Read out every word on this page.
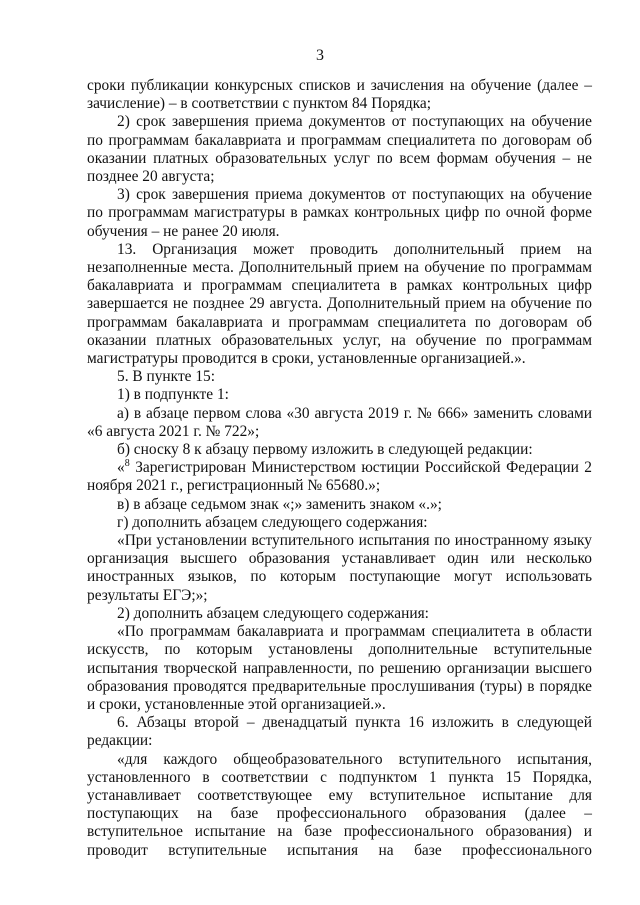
3

сроки публикации конкурсных списков и зачисления на обучение (далее – зачисление) – в соответствии с пунктом 84 Порядка;

2) срок завершения приема документов от поступающих на обучение по программам бакалавриата и программам специалитета по договорам об оказании платных образовательных услуг по всем формам обучения – не позднее 20 августа;

3) срок завершения приема документов от поступающих на обучение по программам магистратуры в рамках контрольных цифр по очной форме обучения – не ранее 20 июля.

13. Организация может проводить дополнительный прием на незаполненные места. Дополнительный прием на обучение по программам бакалавриата и программам специалитета в рамках контрольных цифр завершается не позднее 29 августа. Дополнительный прием на обучение по программам бакалавриата и программам специалитета по договорам об оказании платных образовательных услуг, на обучение по программам магистратуры проводится в сроки, установленные организацией.».

5. В пункте 15:

1) в подпункте 1:

а) в абзаце первом слова «30 августа 2019 г. № 666» заменить словами «6 августа 2021 г. № 722»;

б) сноску 8 к абзацу первому изложить в следующей редакции:

«$^8$ Зарегистрирован Министерством юстиции Российской Федерации 2 ноября 2021 г., регистрационный № 65680.»;

в) в абзаце седьмом знак «;» заменить знаком «.»;

г) дополнить абзацем следующего содержания:

«При установлении вступительного испытания по иностранному языку организация высшего образования устанавливает один или несколько иностранных языков, по которым поступающие могут использовать результаты ЕГЭ;»;

2) дополнить абзацем следующего содержания:

«По программам бакалавриата и программам специалитета в области искусств, по которым установлены дополнительные вступительные испытания творческой направленности, по решению организации высшего образования проводятся предварительные прослушивания (туры) в порядке и сроки, установленные этой организацией.».

6. Абзацы второй – двенадцатый пункта 16 изложить в следующей редакции:

«для каждого общеобразовательного вступительного испытания, установленного в соответствии с подпунктом 1 пункта 15 Порядка, устанавливает соответствующее ему вступительное испытание для поступающих на базе профессионального образования (далее – вступительное испытание на базе профессионального образования) и проводит вступительные испытания на базе профессионального
